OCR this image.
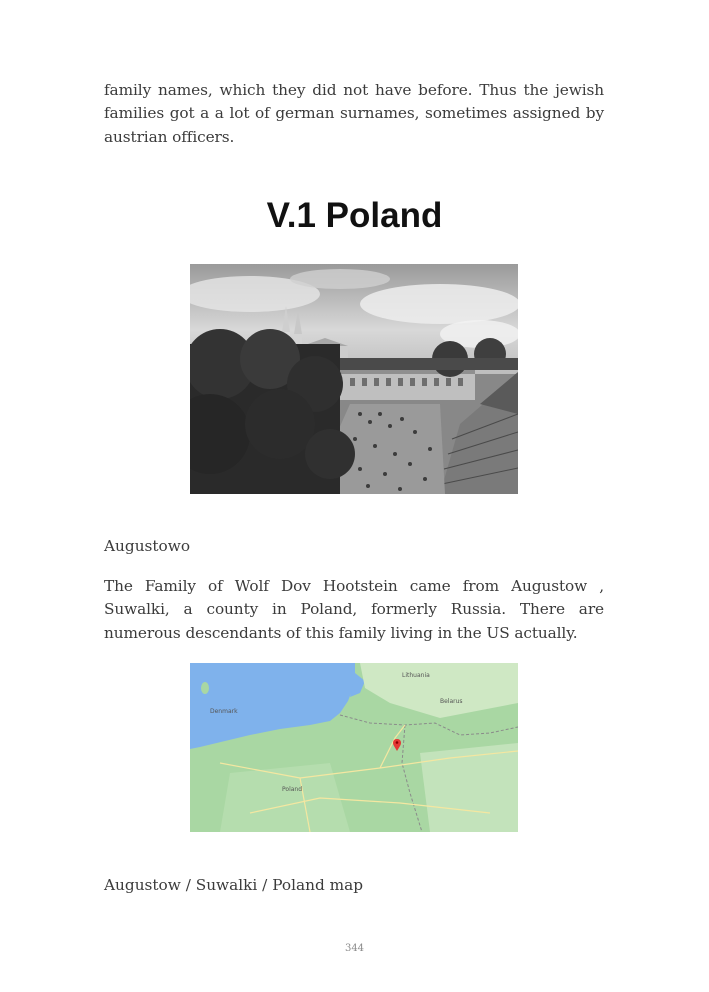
family names, which they did not have before. Thus the jewish families got a a lot of german surnames, sometimes assigned by austrian officers.

V.1 Poland

Augustowo

The Family of Wolf Dov Hootstein came from Augustow , Suwalki, a county in Poland, formerly Russia. There are numerous descendants of this family living in the US actually.

Lithuania
Belarus
Poland
Denmark

Augustow / Suwalki / Poland map

344
